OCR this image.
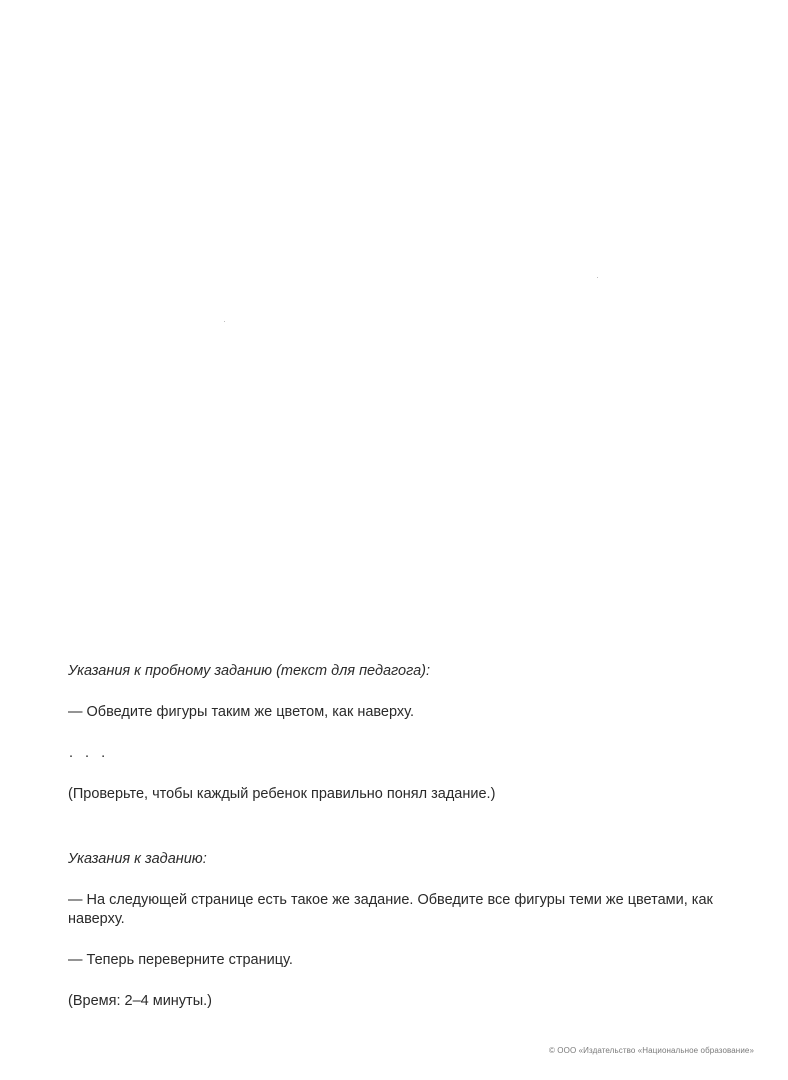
Указания к пробному заданию (текст для педагога):

— Обведите фигуры таким же цветом, как наверху.

. . .

(Проверьте, чтобы каждый ребенок правильно понял задание.)

Указания к заданию:

— На следующей странице есть такое же задание. Обведите все фигуры теми же цветами, как наверху.

— Теперь переверните страницу.

(Время: 2–4 минуты.)

© ООО «Издательство «Национальное образование»
